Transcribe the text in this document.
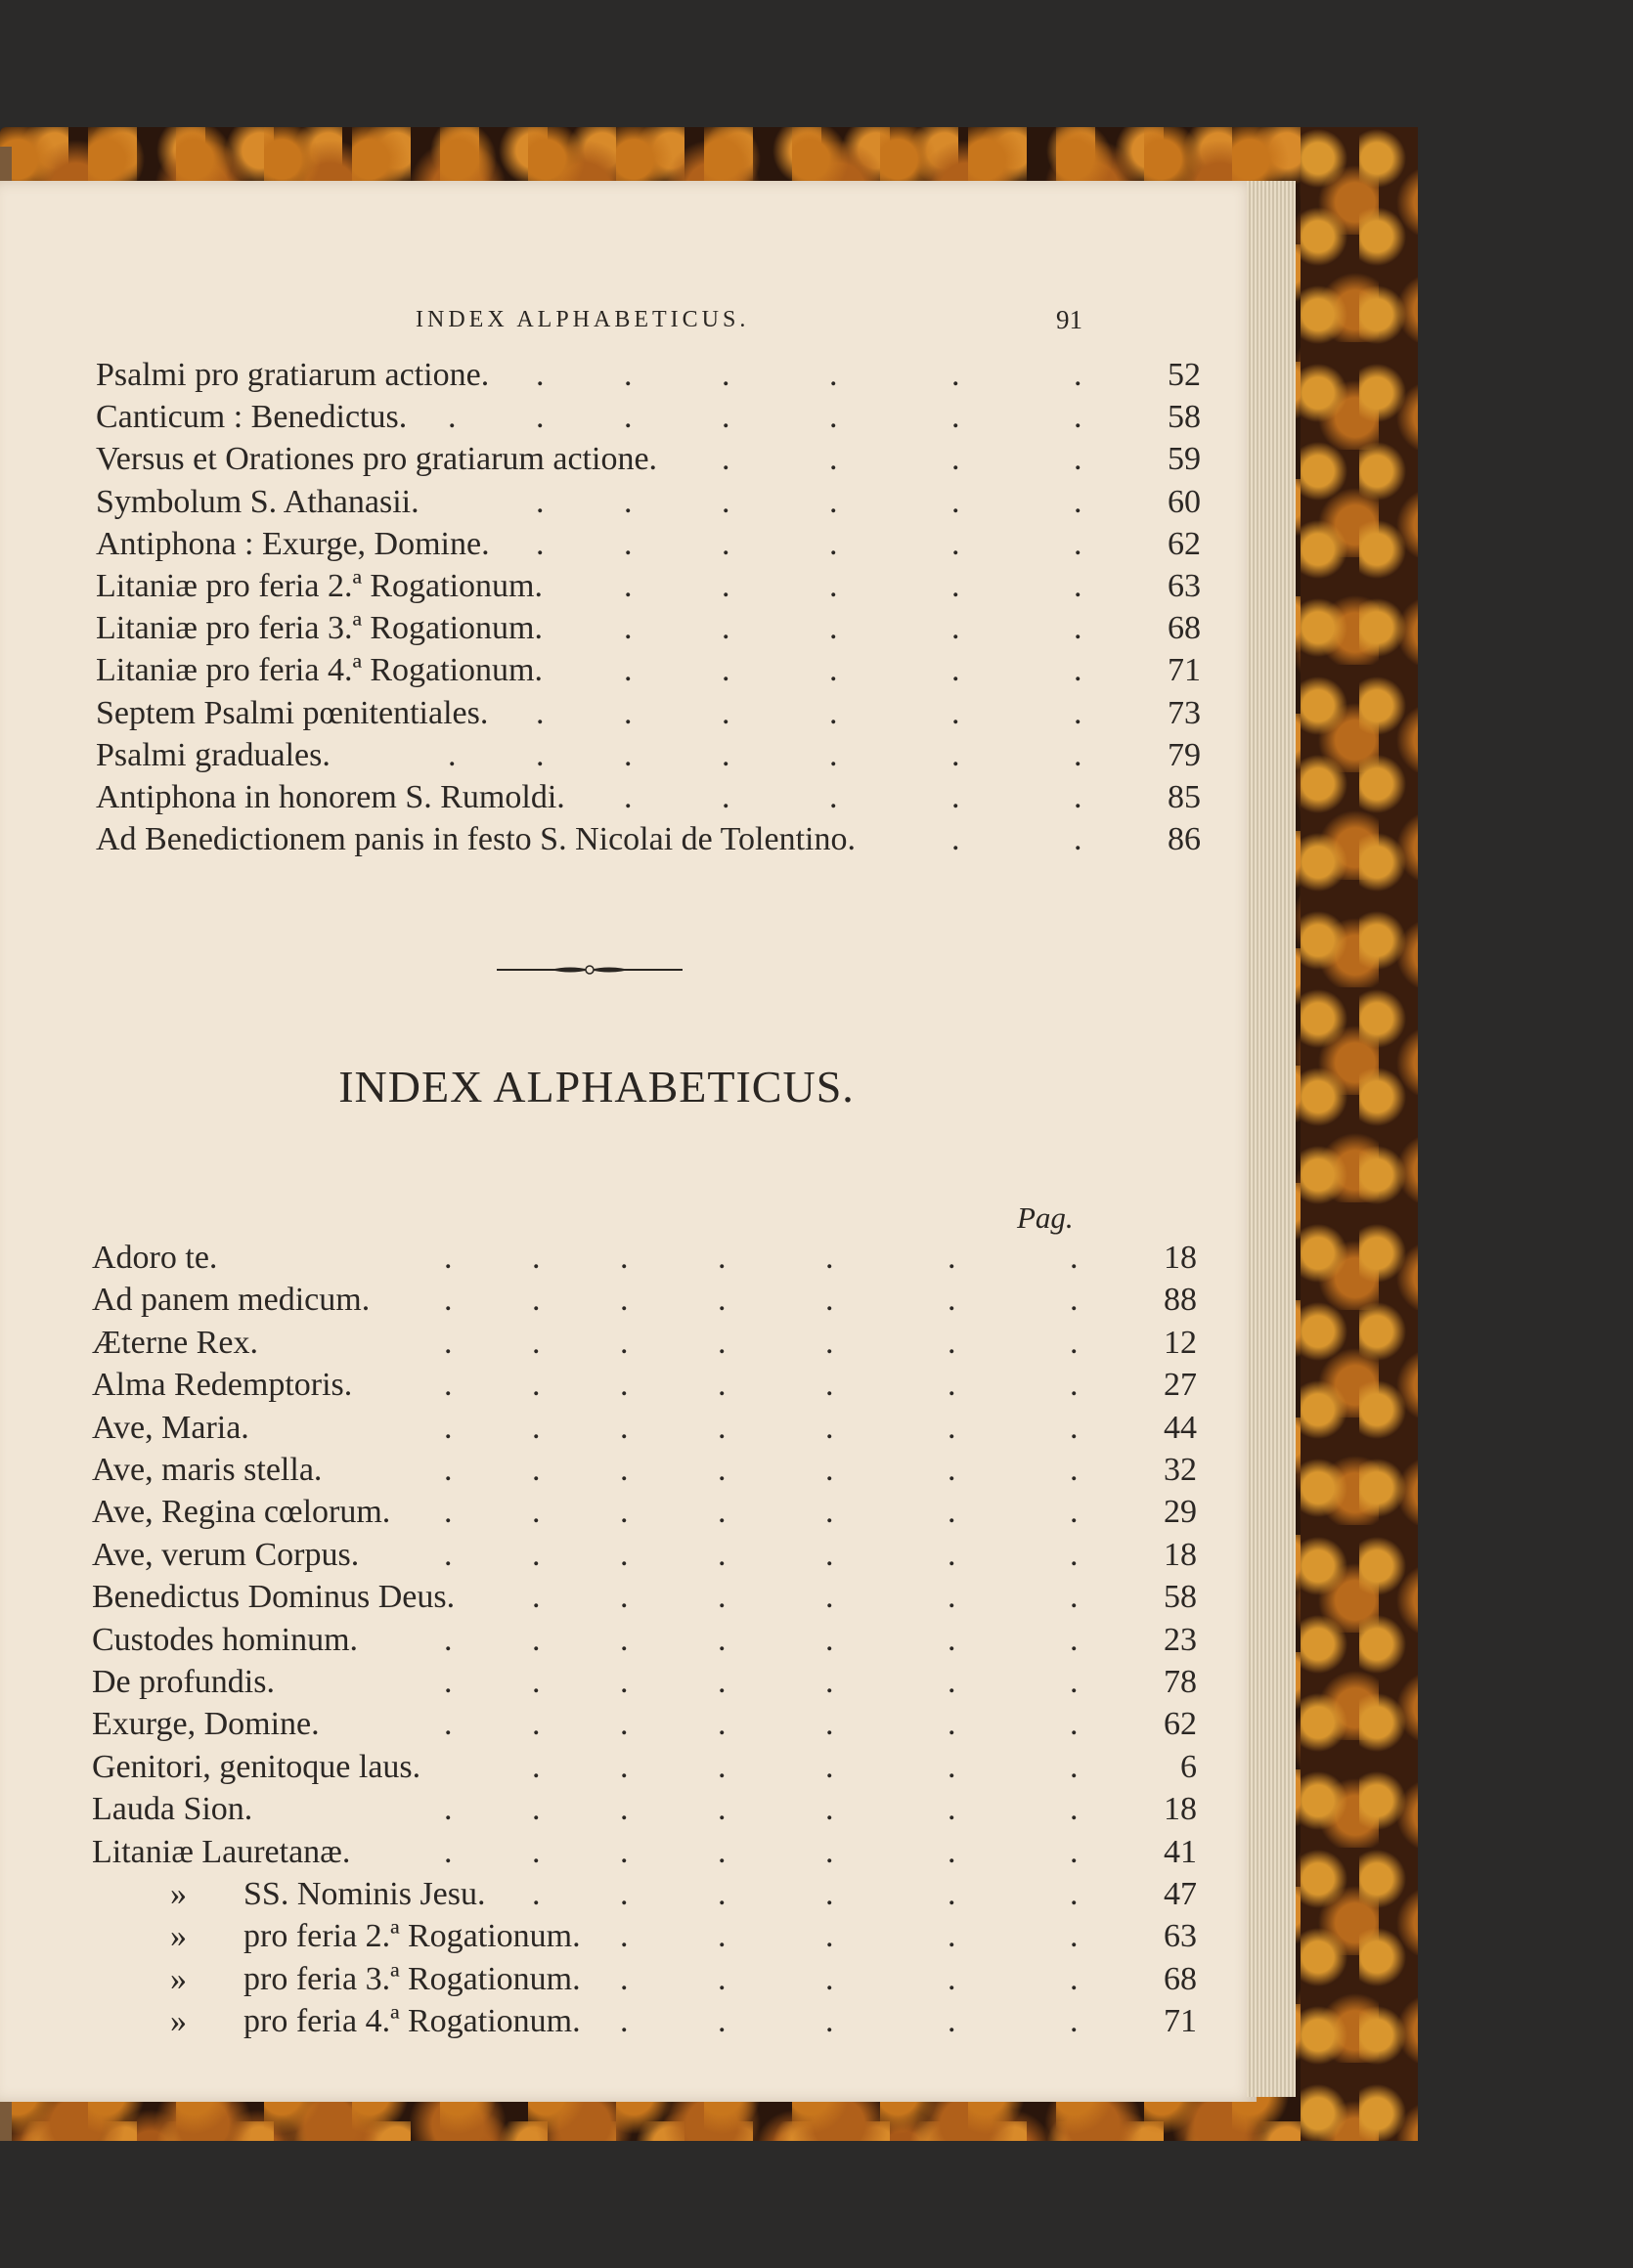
INDEX ALPHABETICUS.	91
Psalmi pro gratiarum actione.	52
. .	.	.	.	.
Canticum : Benedictus.	58
. . .	.	.	.	.
Versus et Orationes pro gratiarum actione.	59
.	.	.	.
Symbolum S. Athanasii.	60
. .	.	.	.	.
Antiphona : Exurge, Domine.	62
. .	.	.	.	.
Litaniæ pro feria 2.ª Rogationum.	63
.	.	.	.	.
Litaniæ pro feria 3.ª Rogationum.	68
.	.	.	.	.
Litaniæ pro feria 4.ª Rogationum.	71
.	.	.	.	.
Septem Psalmi pœnitentiales.	73
. .	.	.	.	.
Psalmi graduales.	79
. . .	.	.	.	.
Antiphona in honorem S. Rumoldi.	85
.	.	.	.	.
Ad Benedictionem panis in festo S. Nicolai de Tolentino.	86
.	.
INDEX ALPHABETICUS.
Pag.
Adoro te.	18
. . .	.	.	.	.
Ad panem medicum.	88
. . .	.	.	.	.
Æterne Rex.	12
. . .	.	.	.	.
Alma Redemptoris.	27
. . .	.	.	.	.
Ave, Maria.	44
. . .	.	.	.	.
Ave, maris stella.	32
. . .	.	.	.	.
Ave, Regina cœlorum.	29
. . .	.	.	.	.
Ave, verum Corpus.	18
. . .	.	.	.	.
Benedictus Dominus Deus.	58
. .	.	.	.	.
Custodes hominum.	23
. . .	.	.	.	.
De profundis.	78
. . .	.	.	.	.
Exurge, Domine.	62
. . .	.	.	.	.
Genitori, genitoque laus.	6
. .	.	.	.	.
Lauda Sion.	18
. . .	.	.	.	.
Litaniæ Lauretanæ.	41
. . .	.	.	.	.
» SS. Nominis Jesu.	47
. .	.	.	.	.
» pro feria 2.ª Rogationum.	63
.	.	.	.	.
» pro feria 3.ª Rogationum.	68
.	.	.	.	.
» pro feria 4.ª Rogationum.	71
.	.	.	.	.
